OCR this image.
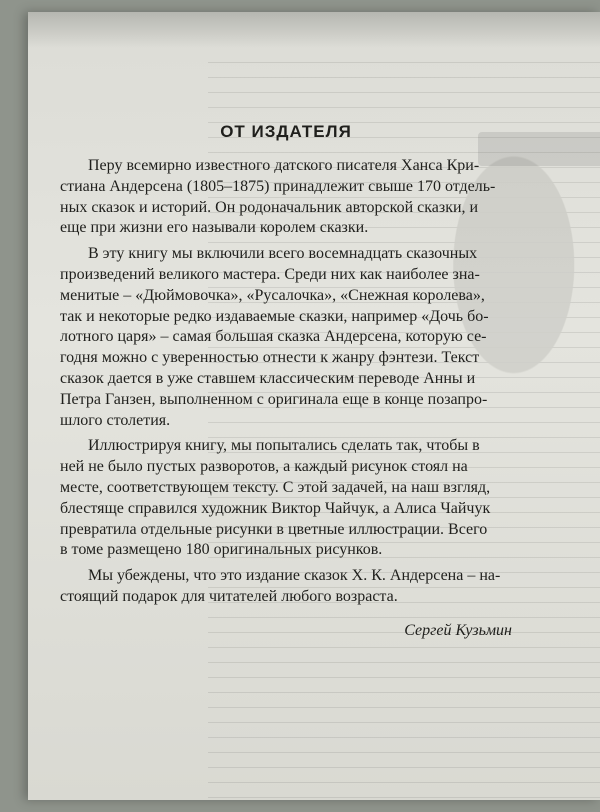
ОТ ИЗДАТЕЛЯ

Перу всемирно известного датского писателя Ханса Кри-
стиана Андерсена (1805–1875) принадлежит свыше 170 отдель-
ных сказок и историй. Он родоначальник авторской сказки, и
еще при жизни его называли королем сказки.

В эту книгу мы включили всего восемнадцать сказочных
произведений великого мастера. Среди них как наиболее зна-
менитые – «Дюймовочка», «Русалочка», «Снежная королева»,
так и некоторые редко издаваемые сказки, например «Дочь бо-
лотного царя» – самая большая сказка Андерсена, которую се-
годня можно с уверенностью отнести к жанру фэнтези. Текст
сказок дается в уже ставшем классическим переводе Анны и
Петра Ганзен, выполненном с оригинала еще в конце позапро-
шлого столетия.

Иллюстрируя книгу, мы попытались сделать так, чтобы в
ней не было пустых разворотов, а каждый рисунок стоял на
месте, соответствующем тексту. С этой задачей, на наш взгляд,
блестяще справился художник Виктор Чайчук, а Алиса Чайчук
превратила отдельные рисунки в цветные иллюстрации. Всего
в томе размещено 180 оригинальных рисунков.

Мы убеждены, что это издание сказок Х. К. Андерсена – на-
стоящий подарок для читателей любого возраста.

Сергей Кузьмин
